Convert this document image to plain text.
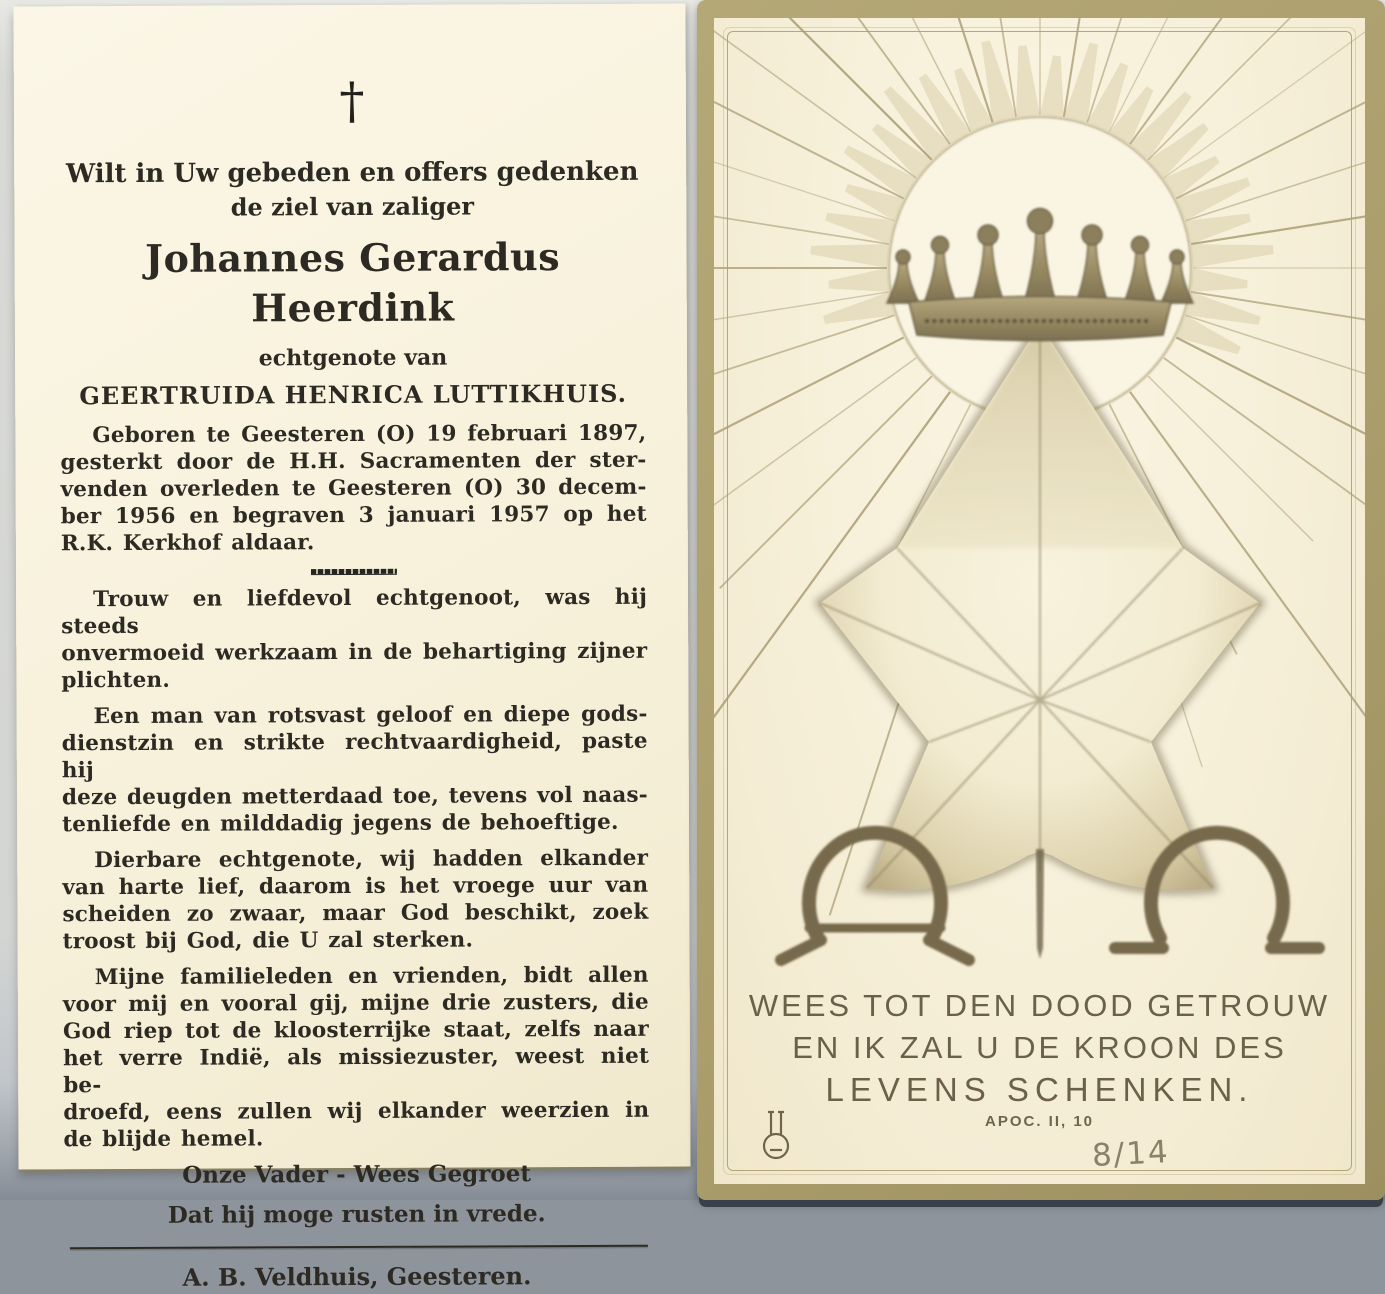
†
Wilt in Uw gebeden en offers gedenken
de ziel van zaliger
Johannes Gerardus Heerdink
echtgenote van
GEERTRUIDA HENRICA LUTTIKHUIS.
Geboren te Geesteren (O) 19 februari 1897,
gesterkt door de H.H. Sacramenten der ster-
venden overleden te Geesteren (O) 30 decem-
ber 1956 en begraven 3 januari 1957 op het
R.K. Kerkhof aldaar.
Trouw en liefdevol echtgenoot, was hij steeds
onvermoeid werkzaam in de behartiging zijner
plichten.
Een man van rotsvast geloof en diepe gods-
dienstzin en strikte rechtvaardigheid, paste hij
deze deugden metterdaad toe, tevens vol naas-
tenliefde en milddadig jegens de behoeftige.
Dierbare echtgenote, wij hadden elkander
van harte lief, daarom is het vroege uur van
scheiden zo zwaar, maar God beschikt, zoek
troost bij God, die U zal sterken.
Mijne familieleden en vrienden, bidt allen
voor mij en vooral gij, mijne drie zusters, die
God riep tot de kloosterrijke staat, zelfs naar
het verre Indië, als missiezuster, weest niet be-
droefd, eens zullen wij elkander weerzien in
de blijde hemel.
Onze Vader - Wees Gegroet
Dat hij moge rusten in vrede.
A. B. Veldhuis, Geesteren.
WEES TOT DEN DOOD GETROUW
EN IK ZAL U DE KROON DES
LEVENS SCHENKEN.
APOC. II, 10
8/14
